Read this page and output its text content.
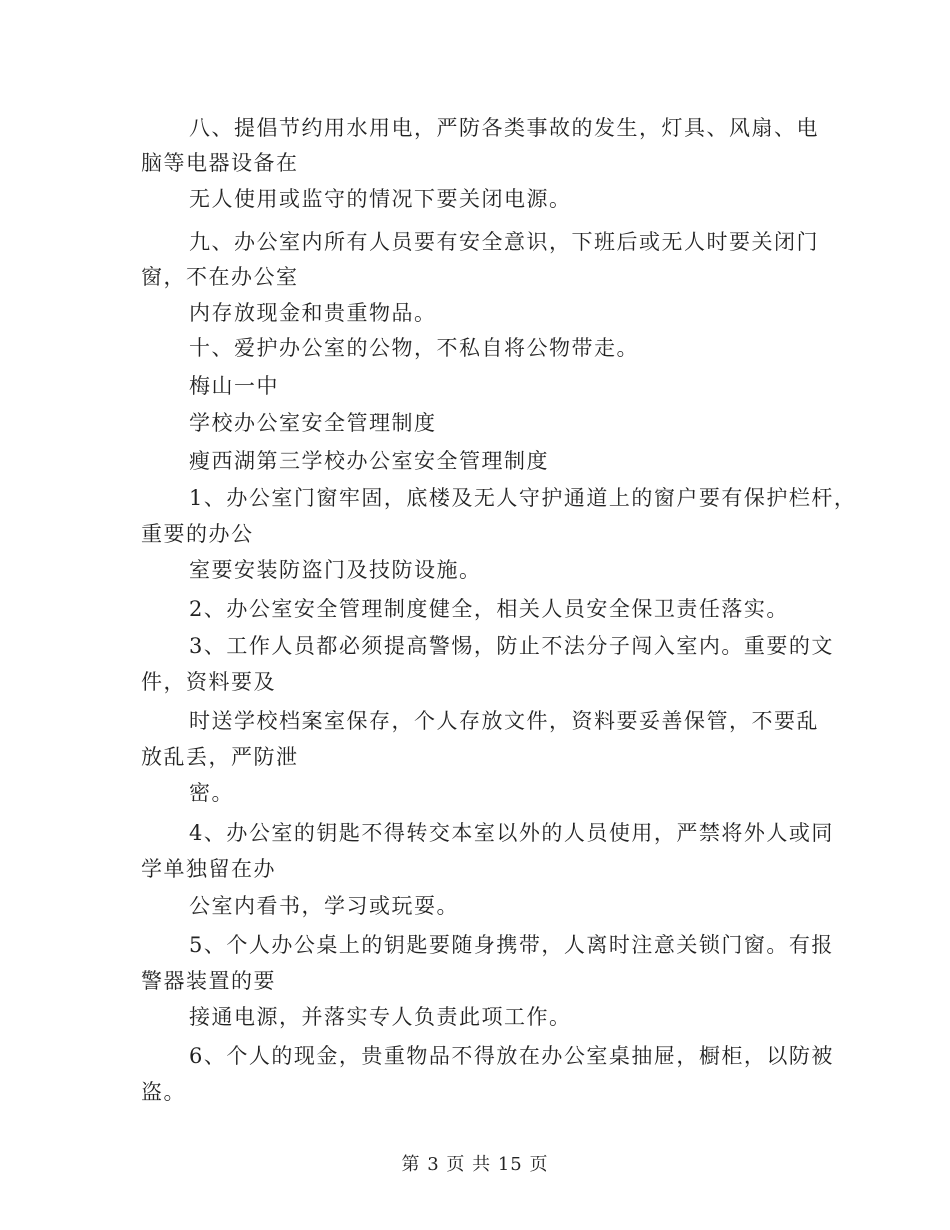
八、提倡节约用水用电，严防各类事故的发生，灯具、风扇、电
脑等电器设备在
无人使用或监守的情况下要关闭电源。
九、办公室内所有人员要有安全意识，下班后或无人时要关闭门
窗，不在办公室
内存放现金和贵重物品。
十、爱护办公室的公物，不私自将公物带走。
梅山一中
学校办公室安全管理制度
瘦西湖第三学校办公室安全管理制度
1、办公室门窗牢固，底楼及无人守护通道上的窗户要有保护栏杆，
重要的办公
室要安装防盗门及技防设施。
2、办公室安全管理制度健全，相关人员安全保卫责任落实。
3、工作人员都必须提高警惕，防止不法分子闯入室内。重要的文
件，资料要及
时送学校档案室保存，个人存放文件，资料要妥善保管，不要乱
放乱丢，严防泄
密。
4、办公室的钥匙不得转交本室以外的人员使用，严禁将外人或同
学单独留在办
公室内看书，学习或玩耍。
5、个人办公桌上的钥匙要随身携带，人离时注意关锁门窗。有报
警器装置的要
接通电源，并落实专人负责此项工作。
6、个人的现金，贵重物品不得放在办公室桌抽屉，橱柜，以防被
盗。
第 3 页 共 15 页
